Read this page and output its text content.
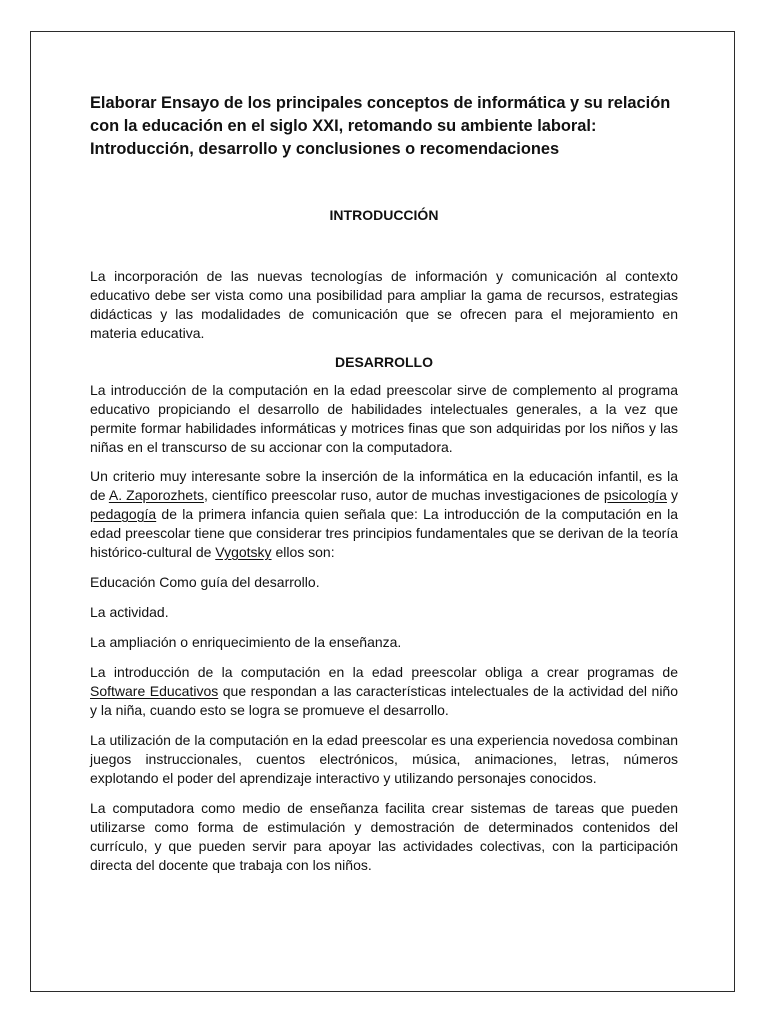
Elaborar Ensayo de los principales conceptos de informática y su relación con la educación en el siglo XXI, retomando su ambiente laboral: Introducción, desarrollo y conclusiones o recomendaciones
INTRODUCCIÓN

La incorporación de las nuevas tecnologías de información y comunicación al contexto educativo debe ser vista como una posibilidad para ampliar la gama de recursos, estrategias didácticas y las modalidades de comunicación que se ofrecen para el mejoramiento en materia educativa.

DESARROLLO

La introducción de la computación en la edad preescolar sirve de complemento al programa educativo propiciando el desarrollo de habilidades intelectuales generales, a la vez que permite formar habilidades informáticas y motrices finas que son adquiridas por los niños y las niñas en el transcurso de su accionar con la computadora.

Un criterio muy interesante sobre la inserción de la informática en la educación infantil, es la de A. Zaporozhets, científico preescolar ruso, autor de muchas investigaciones de psicología y pedagogía de la primera infancia quien señala que: La introducción de la computación en la edad preescolar tiene que considerar tres principios fundamentales que se derivan de la teoría histórico-cultural de Vygotsky ellos son:

Educación Como guía del desarrollo.

La actividad.

La ampliación o enriquecimiento de la enseñanza.

La introducción de la computación en la edad preescolar obliga a crear programas de Software Educativos que respondan a las características intelectuales de la actividad del niño y la niña, cuando esto se logra se promueve el desarrollo.

La utilización de la computación en la edad preescolar es una experiencia novedosa combinan juegos instruccionales, cuentos electrónicos, música, animaciones, letras, números explotando el poder del aprendizaje interactivo y utilizando personajes conocidos.

La computadora como medio de enseñanza facilita crear sistemas de tareas que pueden utilizarse como forma de estimulación y demostración de determinados contenidos del currículo, y que pueden servir para apoyar las actividades colectivas, con la participación directa del docente que trabaja con los niños.
